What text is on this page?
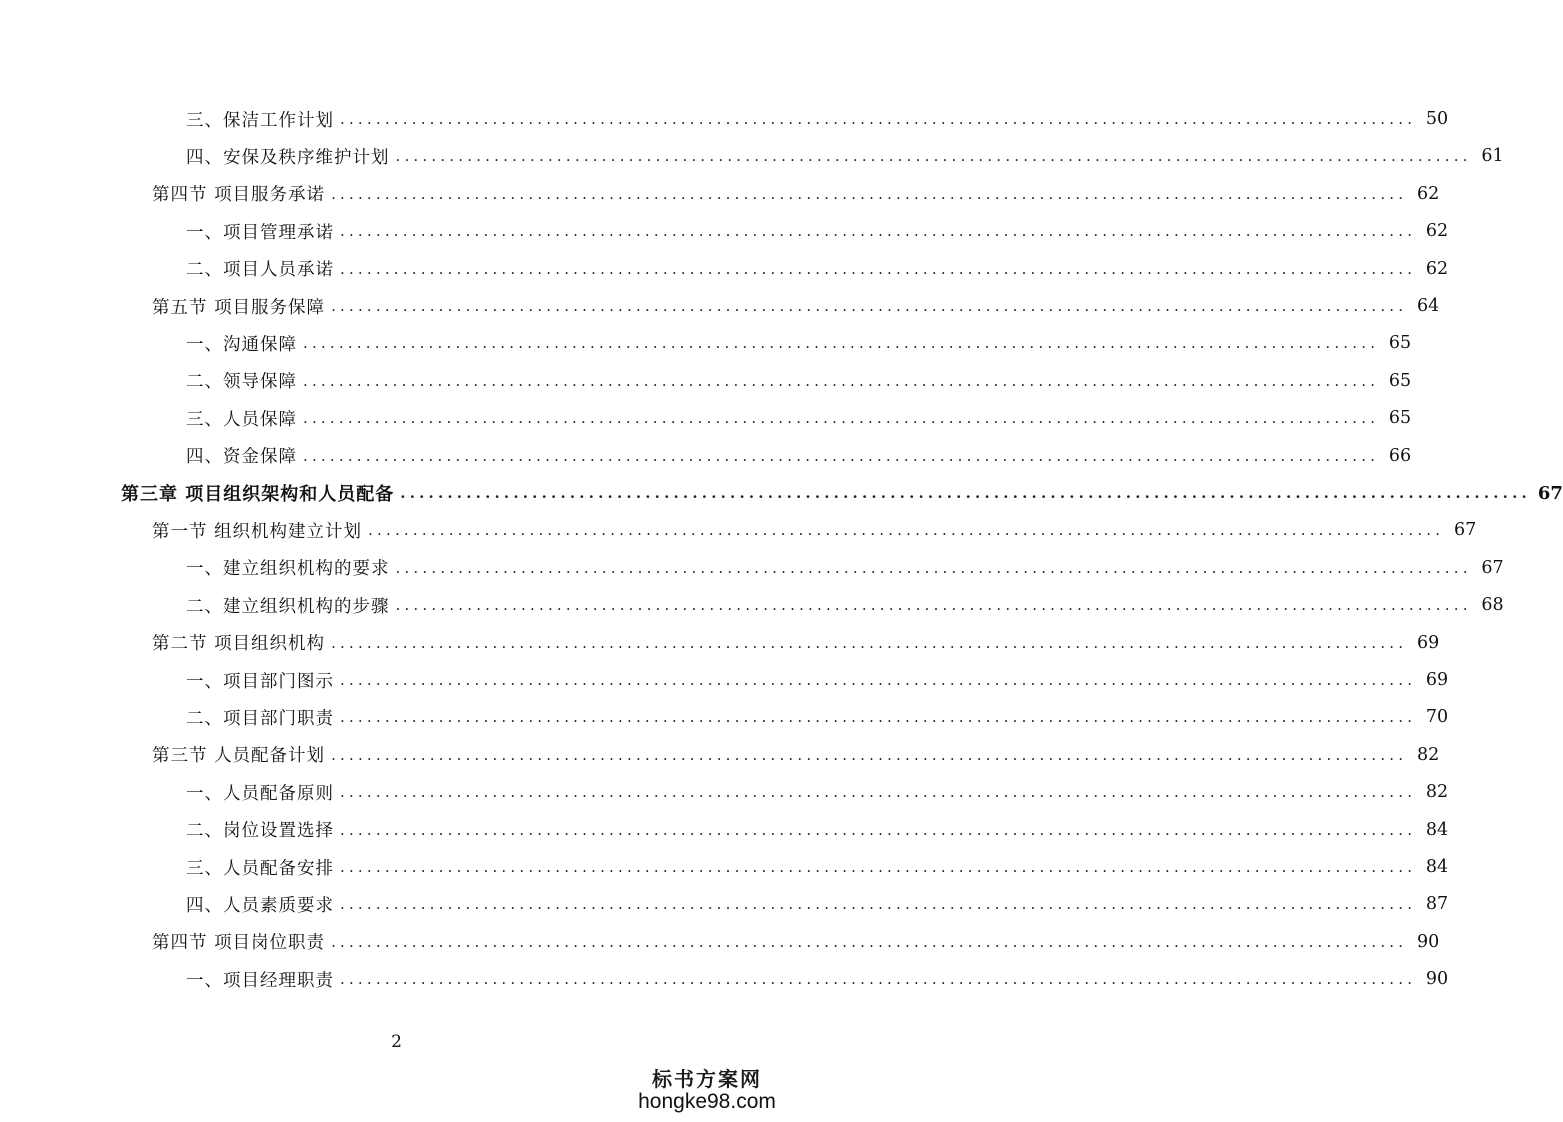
三、保洁工作计划 ........................................................................................................................ 50
四、安保及秩序维护计划 ........................................................................................................................ 61
第四节 项目服务承诺 ........................................................................................................................ 62
一、项目管理承诺 ........................................................................................................................ 62
二、项目人员承诺 ........................................................................................................................ 62
第五节 项目服务保障 ........................................................................................................................ 64
一、沟通保障 ........................................................................................................................ 65
二、领导保障 ........................................................................................................................ 65
三、人员保障 ........................................................................................................................ 65
四、资金保障 ........................................................................................................................ 66
第三章 项目组织架构和人员配备 ........................................................................................................................ 67
第一节 组织机构建立计划 ........................................................................................................................ 67
一、建立组织机构的要求 ........................................................................................................................ 67
二、建立组织机构的步骤 ........................................................................................................................ 68
第二节 项目组织机构 ........................................................................................................................ 69
一、项目部门图示 ........................................................................................................................ 69
二、项目部门职责 ........................................................................................................................ 70
第三节 人员配备计划 ........................................................................................................................ 82
一、人员配备原则 ........................................................................................................................ 82
二、岗位设置选择 ........................................................................................................................ 84
三、人员配备安排 ........................................................................................................................ 84
四、人员素质要求 ........................................................................................................................ 87
第四节 项目岗位职责 ........................................................................................................................ 90
一、项目经理职责 ........................................................................................................................ 90
2
标书方案网
hongke98.com
